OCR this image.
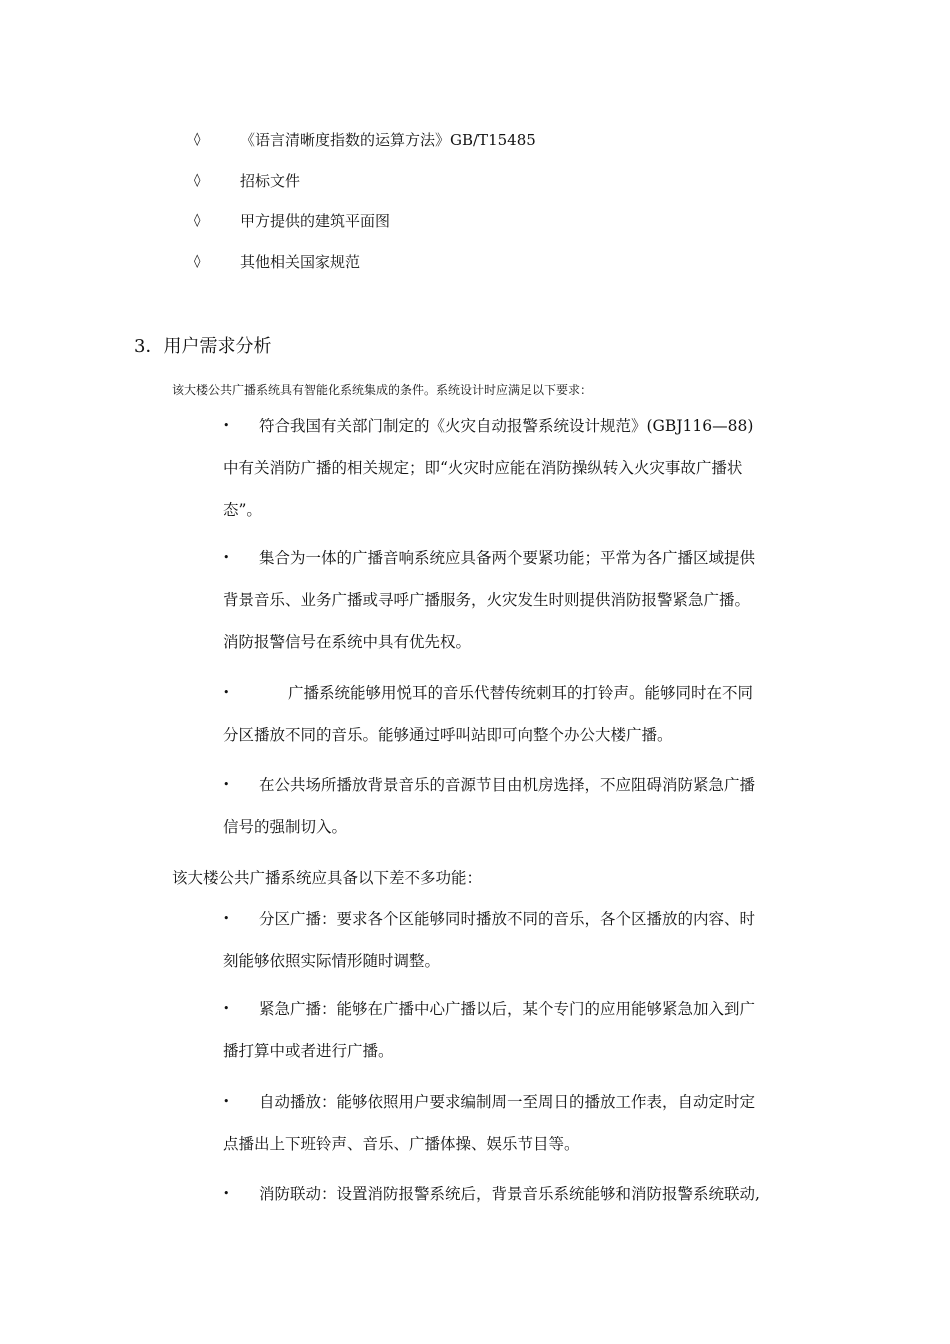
◊	《语言清晰度指数的运算方法》GB/T15485
◊	招标文件
◊	甲方提供的建筑平面图
◊	其他相关国家规范
3．用户需求分析
该大楼公共广播系统具有智能化系统集成的条件。系统设计时应满足以下要求：
• 符合我国有关部门制定的《火灾自动报警系统设计规范》(GBJ116—88)
中有关消防广播的相关规定；即“火灾时应能在消防操纵转入火灾事故广播状
态”。
• 集合为一体的广播音响系统应具备两个要紧功能；平常为各广播区域提供
背景音乐、业务广播或寻呼广播服务，火灾发生时则提供消防报警紧急广播。
消防报警信号在系统中具有优先权。
•	广播系统能够用悦耳的音乐代替传统刺耳的打铃声。能够同时在不同
分区播放不同的音乐。能够通过呼叫站即可向整个办公大楼广播。
• 在公共场所播放背景音乐的音源节目由机房选择，不应阻碍消防紧急广播
信号的强制切入。
该大楼公共广播系统应具备以下差不多功能：
• 分区广播：要求各个区能够同时播放不同的音乐，各个区播放的内容、时
刻能够依照实际情形随时调整。
• 紧急广播：能够在广播中心广播以后，某个专门的应用能够紧急加入到广
播打算中或者进行广播。
• 自动播放：能够依照用户要求编制周一至周日的播放工作表，自动定时定
点播出上下班铃声、音乐、广播体操、娱乐节目等。
• 消防联动：设置消防报警系统后，背景音乐系统能够和消防报警系统联动,
